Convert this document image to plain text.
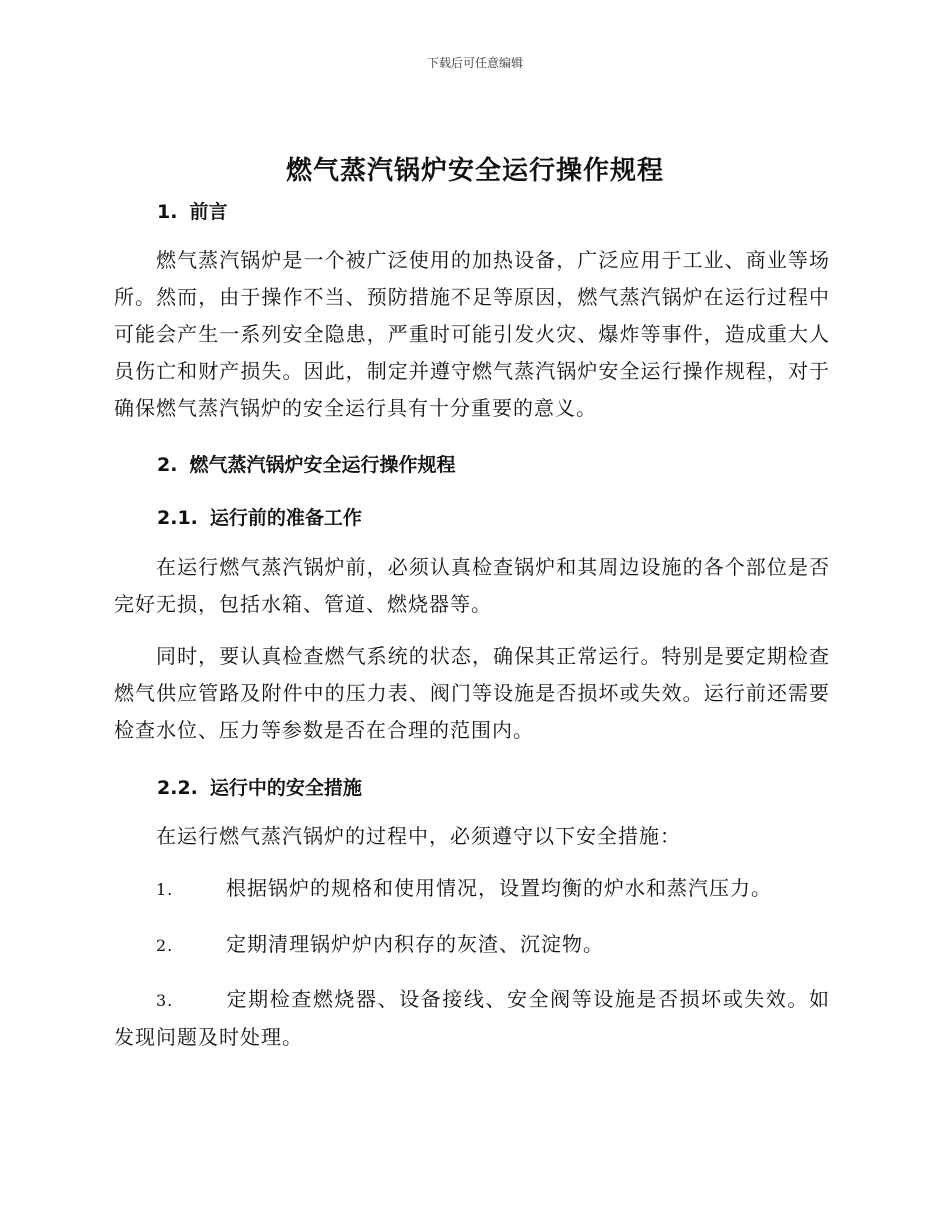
下载后可任意编辑
燃气蒸汽锅炉安全运行操作规程
1. 前言

燃气蒸汽锅炉是一个被广泛使用的加热设备，广泛应用于工业、商业等场所。然而，由于操作不当、预防措施不足等原因，燃气蒸汽锅炉在运行过程中可能会产生一系列安全隐患，严重时可能引发火灾、爆炸等事件，造成重大人员伤亡和财产损失。因此，制定并遵守燃气蒸汽锅炉安全运行操作规程，对于确保燃气蒸汽锅炉的安全运行具有十分重要的意义。

2. 燃气蒸汽锅炉安全运行操作规程
2.1. 运行前的准备工作

在运行燃气蒸汽锅炉前，必须认真检查锅炉和其周边设施的各个部位是否完好无损，包括水箱、管道、燃烧器等。

同时，要认真检查燃气系统的状态，确保其正常运行。特别是要定期检查燃气供应管路及附件中的压力表、阀门等设施是否损坏或失效。运行前还需要检查水位、压力等参数是否在合理的范围内。

2.2. 运行中的安全措施

在运行燃气蒸汽锅炉的过程中，必须遵守以下安全措施：

1.	根据锅炉的规格和使用情况，设置均衡的炉水和蒸汽压力。

2.	定期清理锅炉炉内积存的灰渣、沉淀物。

3.	定期检查燃烧器、设备接线、安全阀等设施是否损坏或失效。如发现问题及时处理。
